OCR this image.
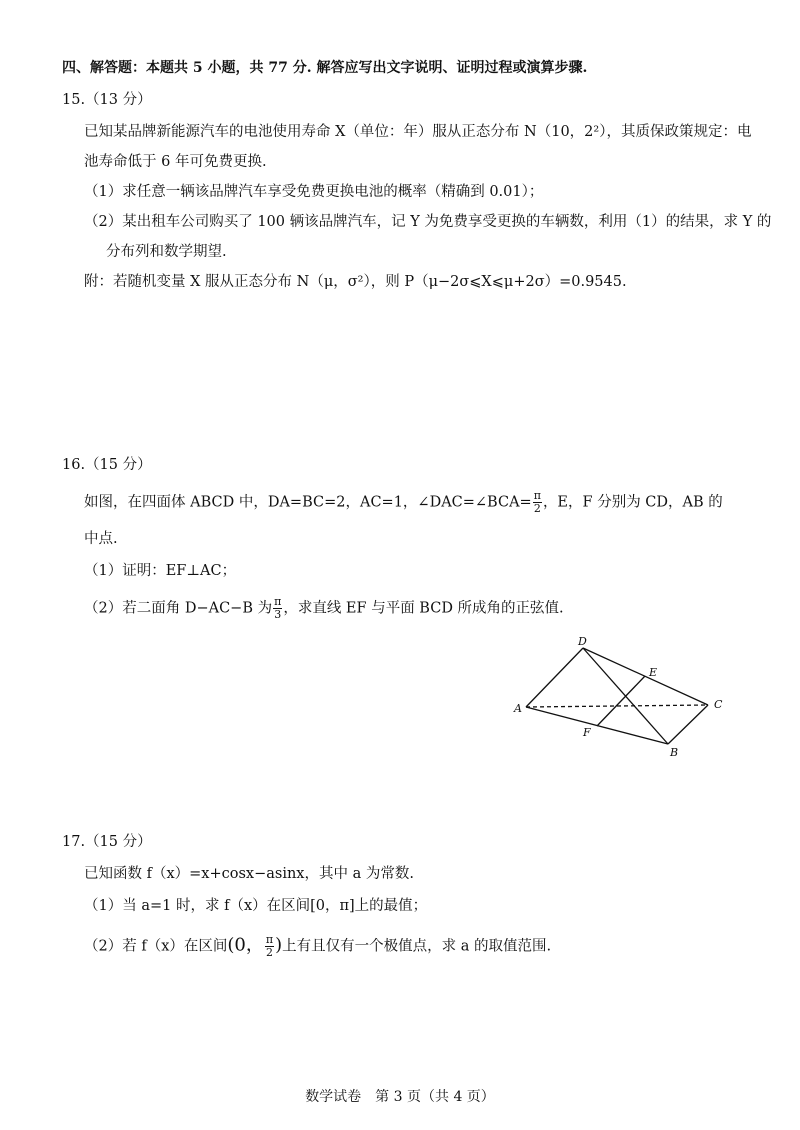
四、解答题：本题共 5 小题，共 77 分. 解答应写出文字说明、证明过程或演算步骤.
15.（13 分）
已知某品牌新能源汽车的电池使用寿命 X（单位：年）服从正态分布 N（10，2²），其质保政策规定：电
池寿命低于 6 年可免费更换.
（1）求任意一辆该品牌汽车享受免费更换电池的概率（精确到 0.01）；
（2）某出租车公司购买了 100 辆该品牌汽车，记 Y 为免费享受更换的车辆数，利用（1）的结果，求 Y 的
分布列和数学期望.
附：若随机变量 X 服从正态分布 N（μ，σ²），则 P（μ−2σ⩽X⩽μ+2σ）=0.9545.
16.（15 分）
如图，在四面体 ABCD 中，DA=BC=2，AC=1，∠DAC=∠BCA= $\frac{\pi}{2}$ ，E，F 分别为 CD，AB 的
中点.
（1）证明：EF⊥AC；
（2）若二面角 D−AC−B 为 $\frac{\pi}{3}$ ，求直线 EF 与平面 BCD 所成角的正弦值.
D
E
A	C
F
B
17.（15 分）
已知函数 f（x）=x+cosx−asinx，其中 a 为常数.
（1）当 a=1 时，求 f（x）在区间[0，π]上的最值；
（2）若 f（x）在区间(0， $\frac{\pi}{2}$ )上有且仅有一个极值点，求 a 的取值范围.
数学试卷　第 3 页（共 4 页）
